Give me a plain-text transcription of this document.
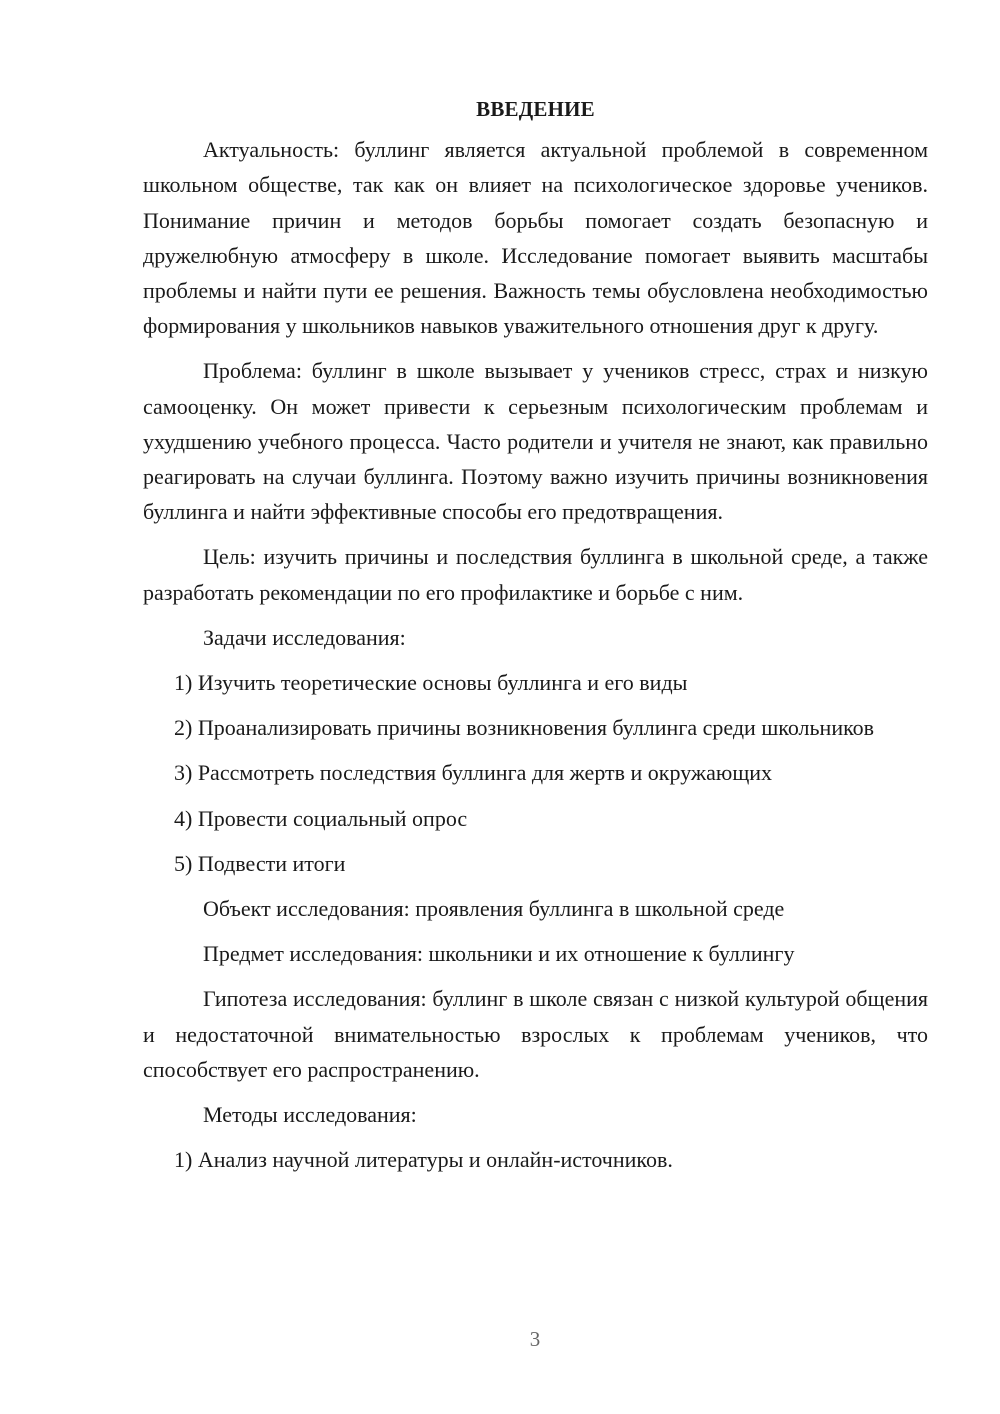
ВВЕДЕНИЕ
Актуальность: буллинг является актуальной проблемой в современном школьном обществе, так как он влияет на психологическое здоровье учеников. Понимание причин и методов борьбы помогает создать безопасную и дружелюбную атмосферу в школе. Исследование помогает выявить масштабы проблемы и найти пути ее решения. Важность темы обусловлена необходимостью формирования у школьников навыков уважительного отношения друг к другу.
Проблема: буллинг в школе вызывает у учеников стресс, страх и низкую самооценку. Он может привести к серьезным психологическим проблемам и ухудшению учебного процесса. Часто родители и учителя не знают, как правильно реагировать на случаи буллинга. Поэтому важно изучить причины возникновения буллинга и найти эффективные способы его предотвращения.
Цель: изучить причины и последствия буллинга в школьной среде, а также разработать рекомендации по его профилактике и борьбе с ним.
Задачи исследования:
1) Изучить теоретические основы буллинга и его виды
2) Проанализировать причины возникновения буллинга среди школьников
3) Рассмотреть последствия буллинга для жертв и окружающих
4) Провести социальный опрос
5) Подвести итоги
Объект исследования: проявления буллинга в школьной среде
Предмет исследования: школьники и их отношение к буллингу
Гипотеза исследования: буллинг в школе связан с низкой культурой общения и недостаточной внимательностью взрослых к проблемам учеников, что способствует его распространению.
Методы исследования:
1) Анализ научной литературы и онлайн-источников.
3
